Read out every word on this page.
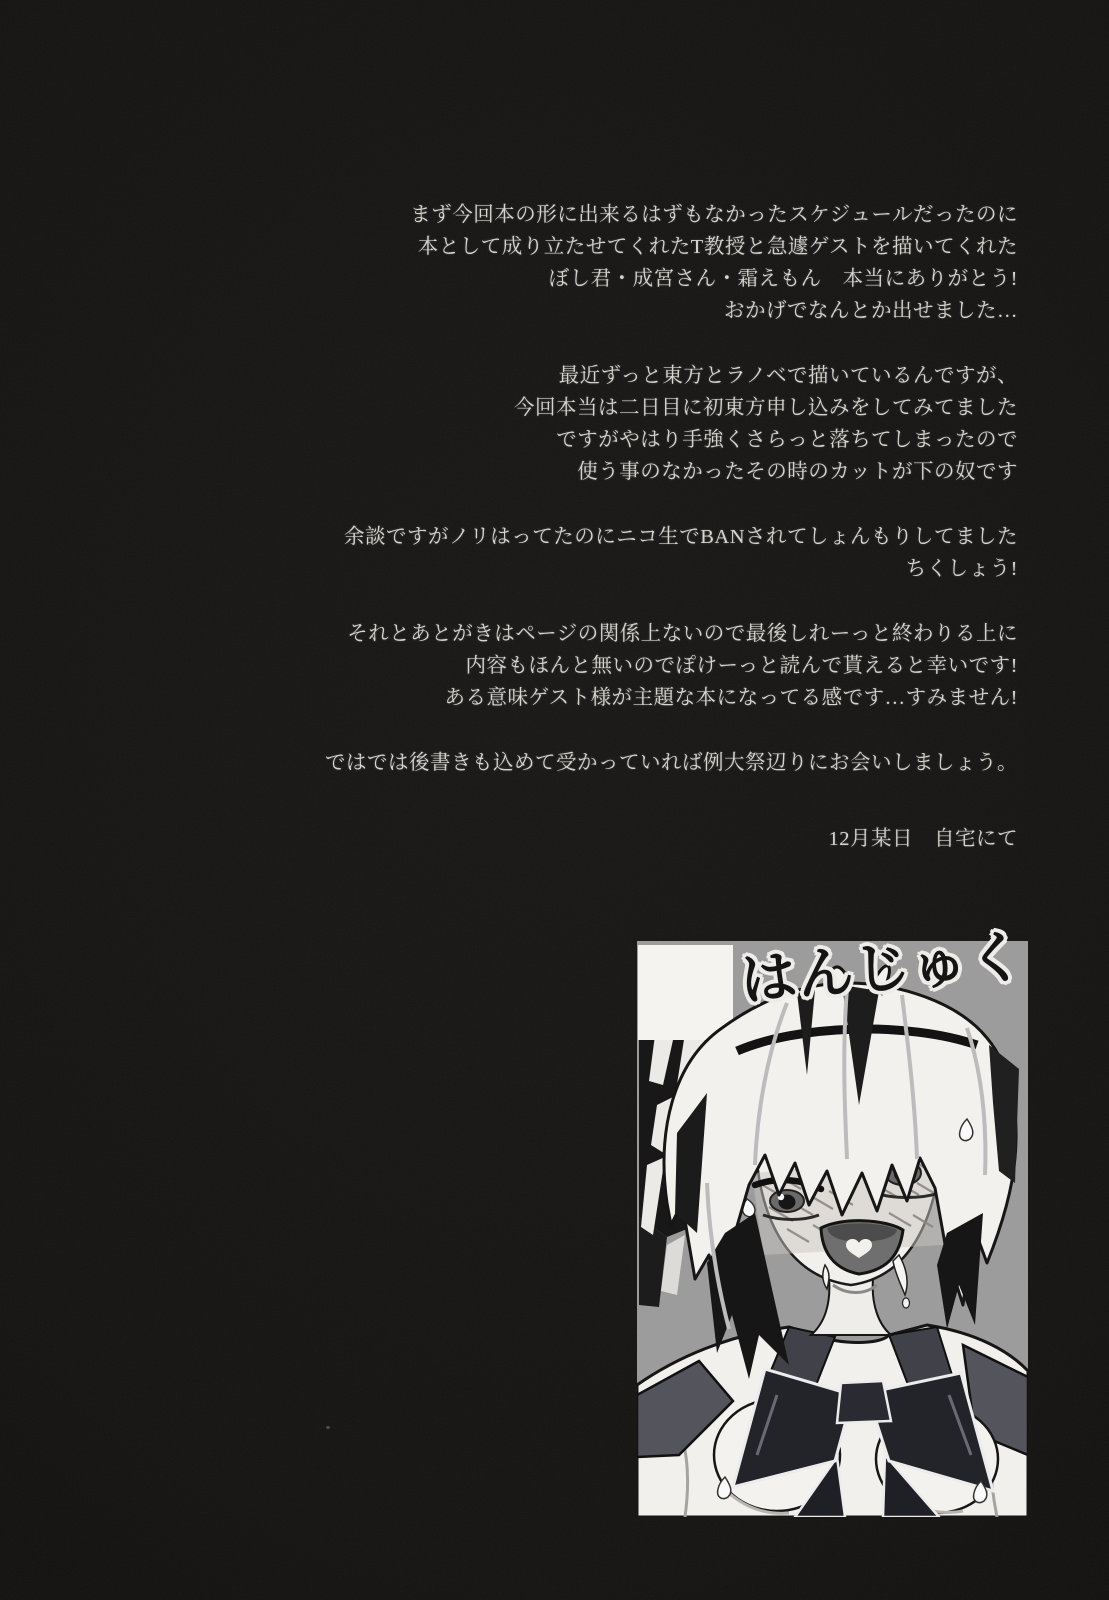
まず今回本の形に出来るはずもなかったスケジュールだったのに
本として成り立たせてくれたT教授と急遽ゲストを描いてくれた
ぼし君・成宮さん・霜えもん　本当にありがとう!
おかげでなんとか出せました…
最近ずっと東方とラノベで描いているんですが、
今回本当は二日目に初東方申し込みをしてみてました
ですがやはり手強くさらっと落ちてしまったので
使う事のなかったその時のカットが下の奴です
余談ですがノリはってたのにニコ生でBANされてしょんもりしてました
ちくしょう!
それとあとがきはページの関係上ないので最後しれーっと終わりる上に
内容もほんと無いのでぽけーっと読んで貰えると幸いです!
ある意味ゲスト様が主題な本になってる感です…すみません!
ではでは後書きも込めて受かっていれば例大祭辺りにお会いしましょう。
12月某日　自宅にて
はんじゅく
